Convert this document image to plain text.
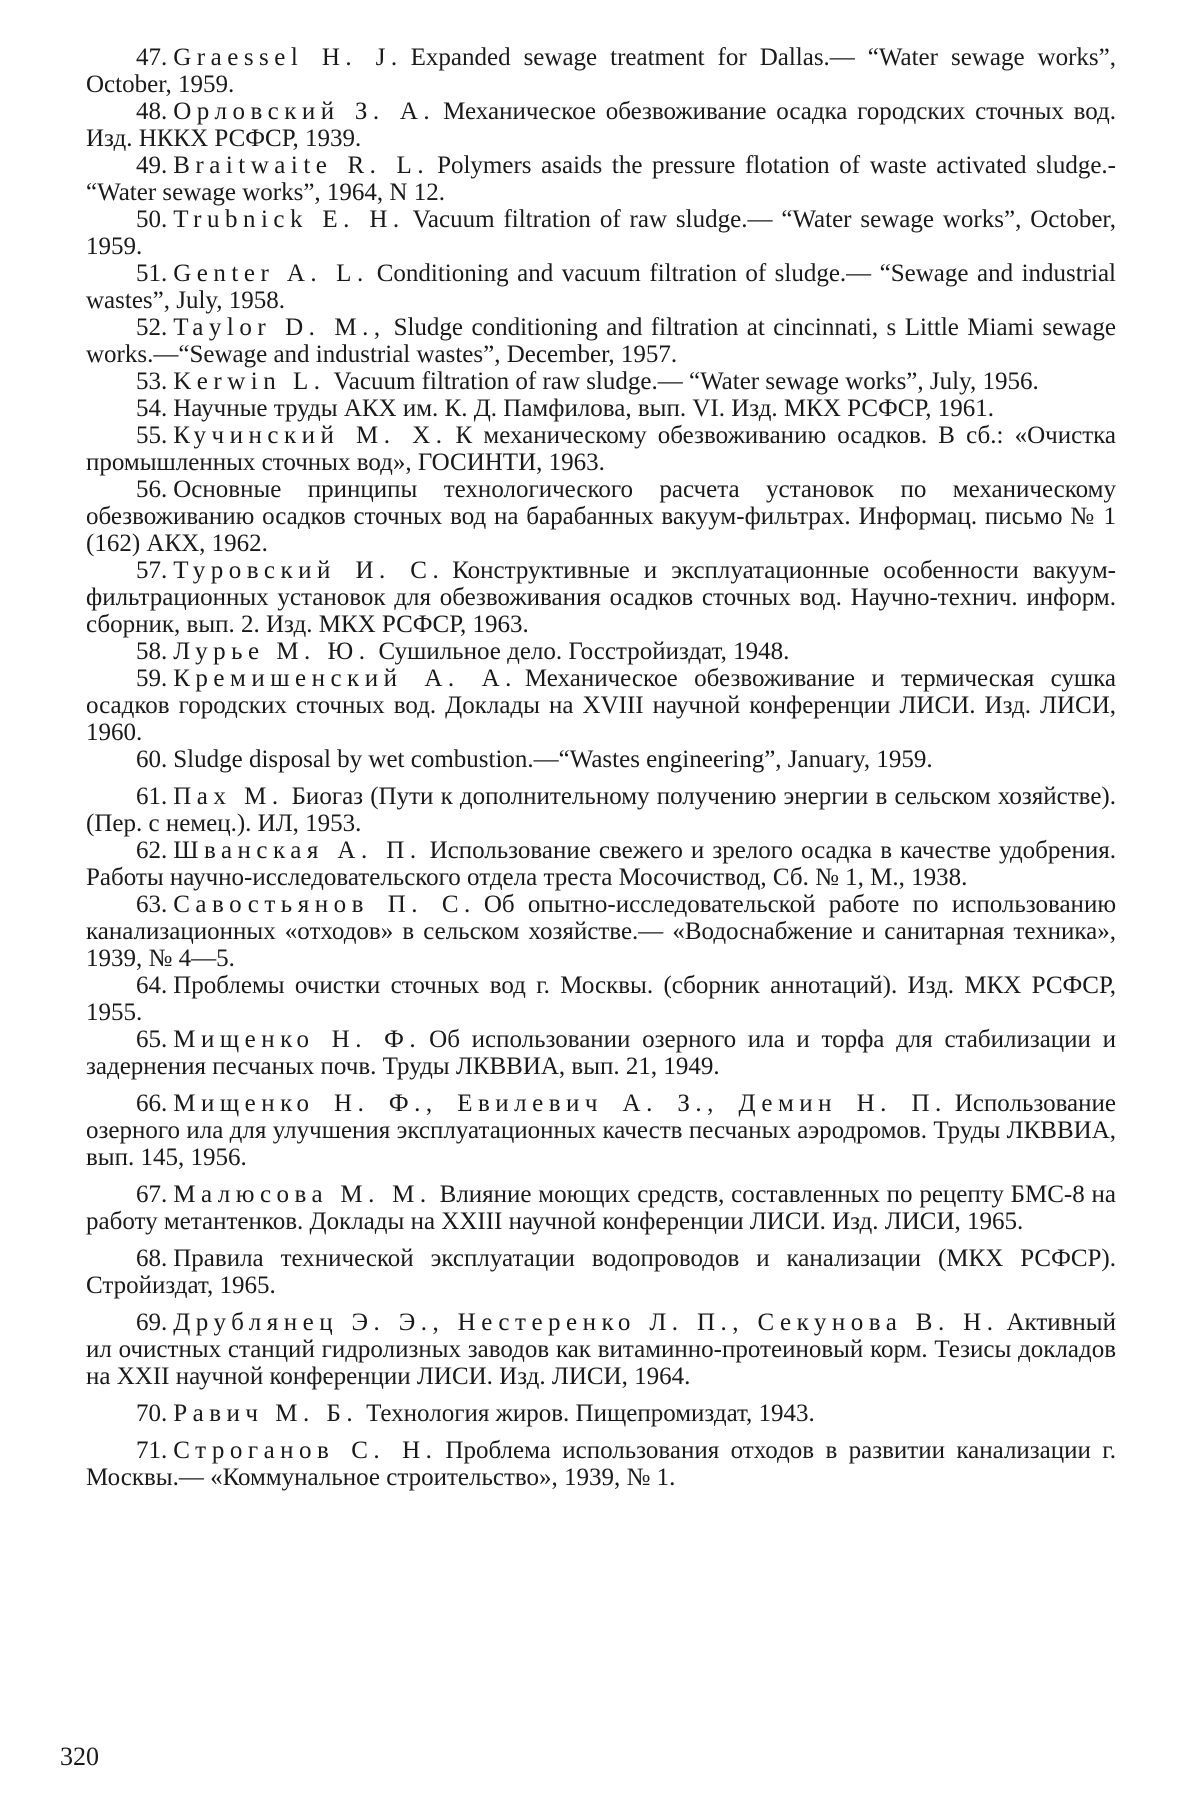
47. Graessel H. J. Expanded sewage treatment for Dallas.— “Water sewage works”, October, 1959.

48. Орловский З. А. Механическое обезвоживание осадка городских сточных вод. Изд. НККХ РСФСР, 1939.

49. Braitwaite R. L. Polymers asaids the pressure flotation of waste activated sludge.- “Water sewage works”, 1964, N 12.

50. Trubnick E. H. Vacuum filtration of raw sludge.— “Water sewage works”, October, 1959.

51. Genter A. L. Conditioning and vacuum filtration of sludge.— “Sewage and industrial wastes”, July, 1958.

52. Taylor D. M., Sludge conditioning and filtration at cincinnati, s Little Miami sewage works.—“Sewage and industrial wastes”, December, 1957.

53. Kerwin L. Vacuum filtration of raw sludge.— “Water sewage works”, July, 1956.

54. Научные труды АКХ им. К. Д. Памфилова, вып. VI. Изд. МКХ РСФСР, 1961.

55. Кучинский М. Х. К механическому обезвоживанию осадков. В сб.: «Очистка промышленных сточных вод», ГОСИНТИ, 1963.

56. Основные принципы технологического расчета установок по механическому обезвоживанию осадков сточных вод на барабанных вакуум-фильтрах. Информац. письмо № 1 (162) АКХ, 1962.

57. Туровский И. С. Конструктивные и эксплуатационные особенности вакуум-фильтрационных установок для обезвоживания осадков сточных вод. Научно-технич. информ. сборник, вып. 2. Изд. МКХ РСФСР, 1963.

58. Лурье М. Ю. Сушильное дело. Госстройиздат, 1948.

59. Кремишенский А. А. Механическое обезвоживание и термическая сушка осадков городских сточных вод. Доклады на XVIII научной конференции ЛИСИ. Изд. ЛИСИ, 1960.

60. Sludge disposal by wet combustion.—“Wastes engineering”, January, 1959.

61. Пах М. Биогаз (Пути к дополнительному получению энергии в сельском хозяйстве). (Пер. с немец.). ИЛ, 1953.

62. Шванская А. П. Использование свежего и зрелого осадка в качестве удобрения. Работы научно-исследовательского отдела треста Мосочиствод, Сб. № 1, М., 1938.

63. Савостьянов П. С. Об опытно-исследовательской работе по использованию канализационных «отходов» в сельском хозяйстве.— «Водоснабжение и санитарная техника», 1939, № 4—5.

64. Проблемы очистки сточных вод г. Москвы. (сборник аннотаций). Изд. МКХ РСФСР, 1955.

65. Мищенко Н. Ф. Об использовании озерного ила и торфа для стабилизации и задернения песчаных почв. Труды ЛКВВИА, вып. 21, 1949.

66. Мищенко Н. Ф., Евилевич А. З., Демин Н. П. Использование озерного ила для улучшения эксплуатационных качеств песчаных аэродромов. Труды ЛКВВИА, вып. 145, 1956.

67. Малюсова М. М. Влияние моющих средств, составленных по рецепту БМС-8 на работу метантенков. Доклады на XXIII научной конференции ЛИСИ. Изд. ЛИСИ, 1965.

68. Правила технической эксплуатации водопроводов и канализации (МКХ РСФСР). Стройиздат, 1965.

69. Друблянец Э. Э., Нестеренко Л. П., Секунова В. Н. Активный ил очистных станций гидролизных заводов как витаминно-протеиновый корм. Тезисы докладов на XXII научной конференции ЛИСИ. Изд. ЛИСИ, 1964.

70. Равич М. Б. Технология жиров. Пищепромиздат, 1943.

71. Строганов С. Н. Проблема использования отходов в развитии канализации г. Москвы.— «Коммунальное строительство», 1939, № 1.

320
